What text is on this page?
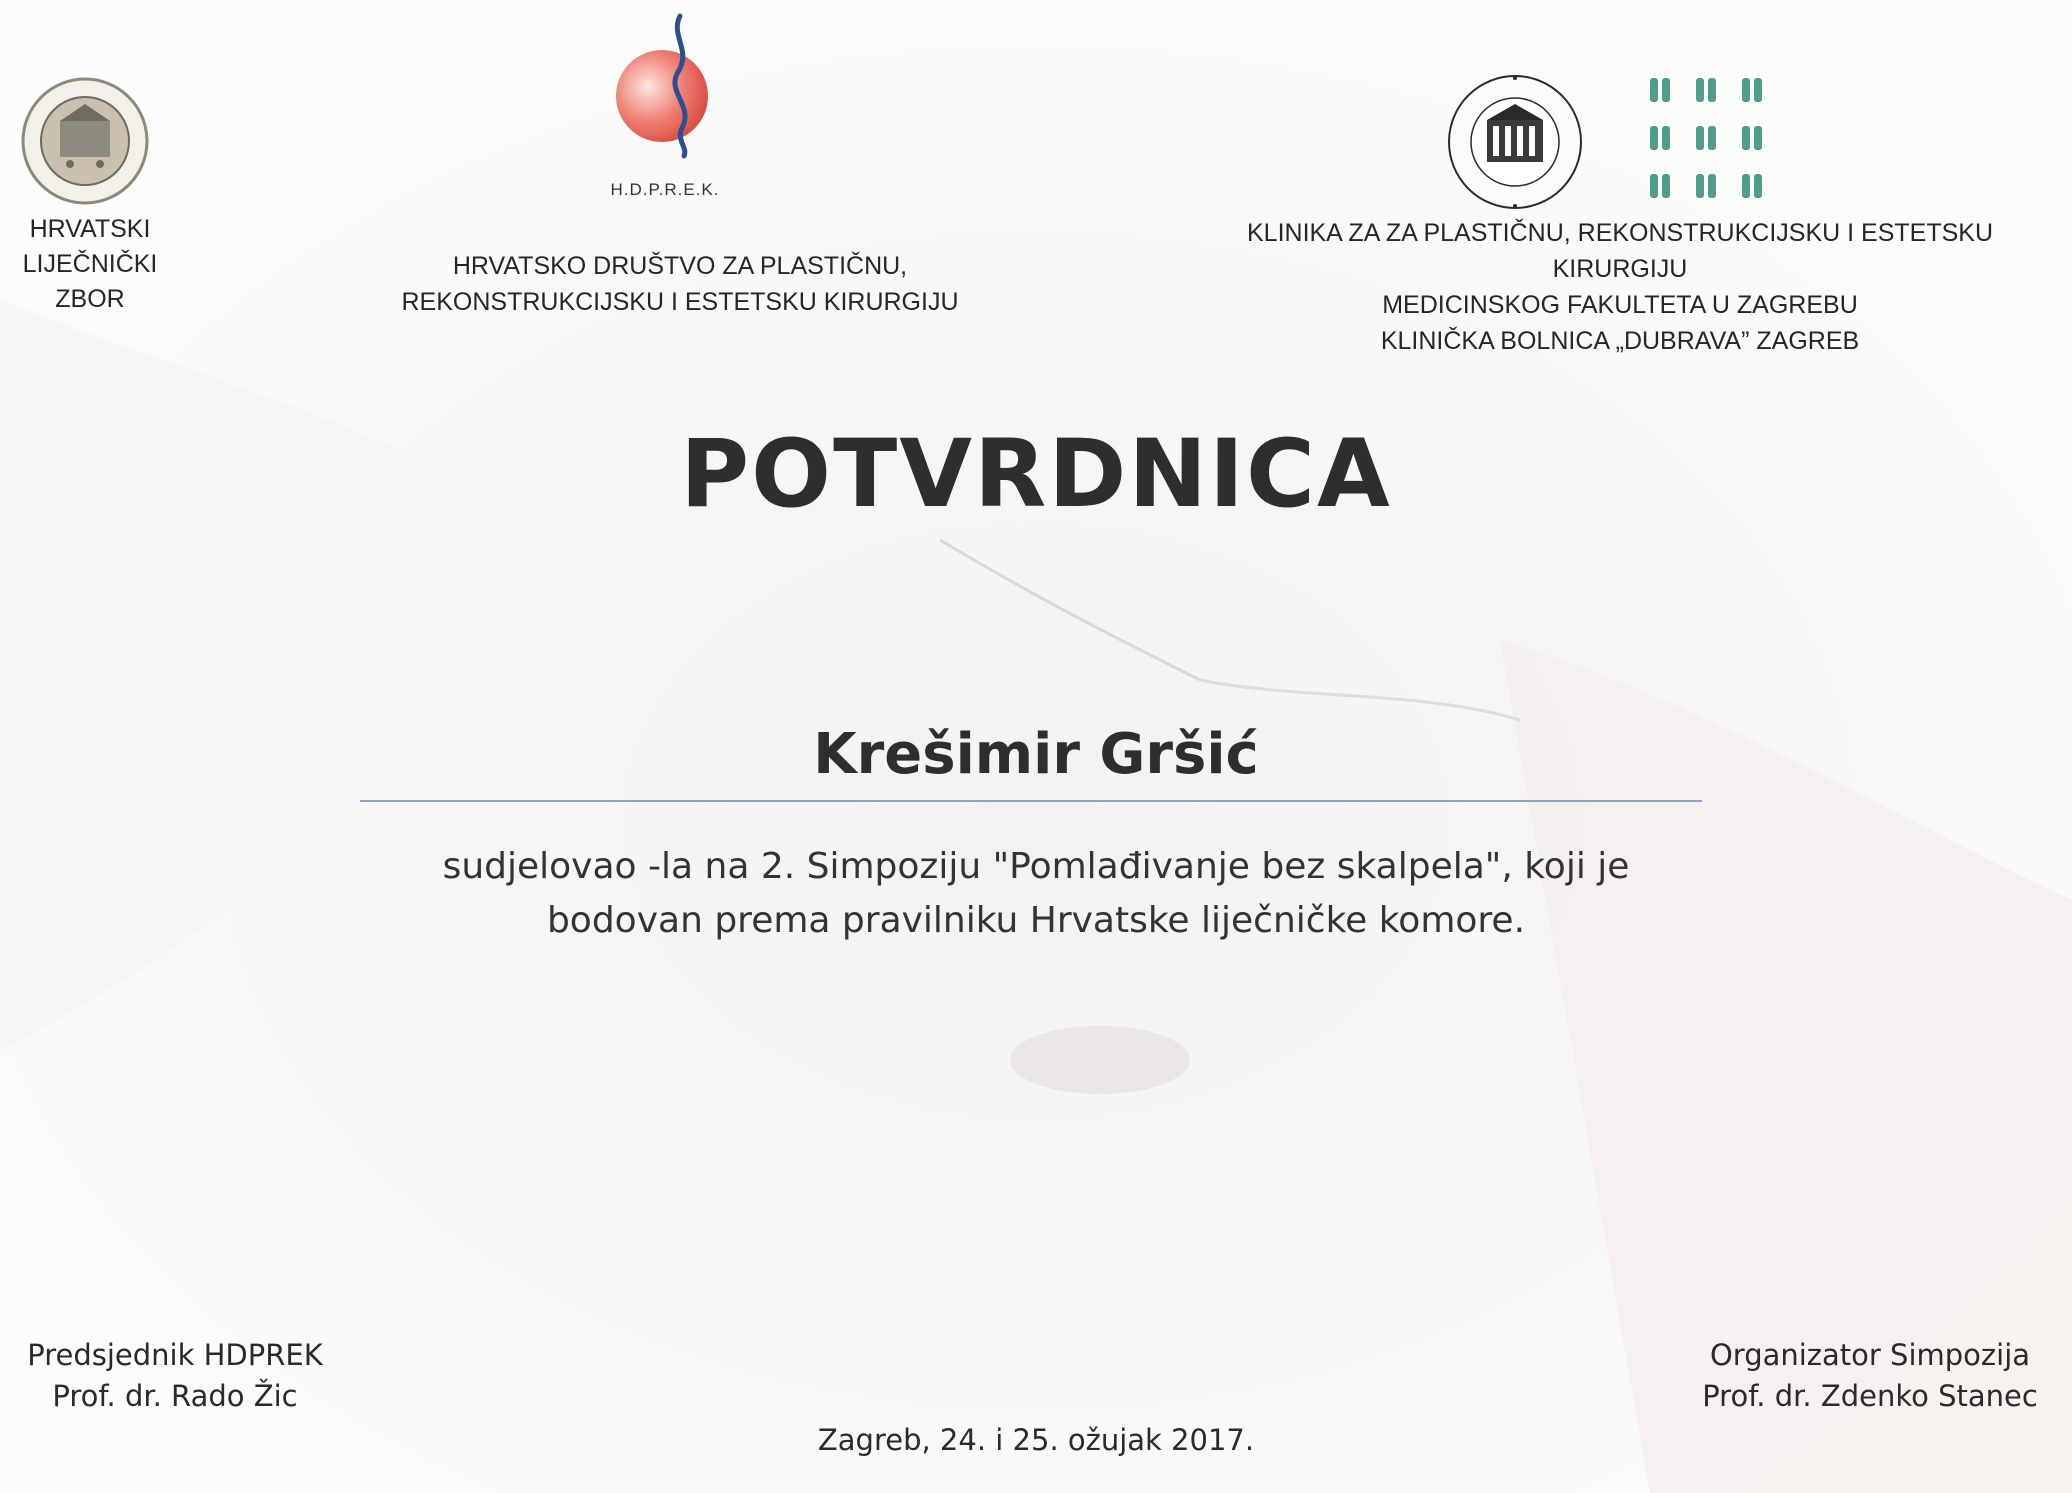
HRVATSKI
LIJEČNIČKI
ZBOR
H.D.P.R.E.K.
HRVATSKO DRUŠTVO ZA PLASTIČNU,
REKONSTRUKCIJSKU I ESTETSKU KIRURGIJU
KLINIKA ZA ZA PLASTIČNU, REKONSTRUKCIJSKU I ESTETSKU KIRURGIJU
MEDICINSKOG FAKULTETA U ZAGREBU
KLINIČKA BOLNICA „DUBRAVA” ZAGREB
POTVRDNICA
Krešimir Gršić
sudjelovao -la na 2. Simpoziju "Pomlađivanje bez skalpela", koji je
bodovan prema pravilniku Hrvatske liječničke komore.
Predsjednik HDPREK
Prof. dr. Rado Žic
Organizator Simpozija
Prof. dr. Zdenko Stanec
Zagreb, 24. i 25. ožujak 2017.
